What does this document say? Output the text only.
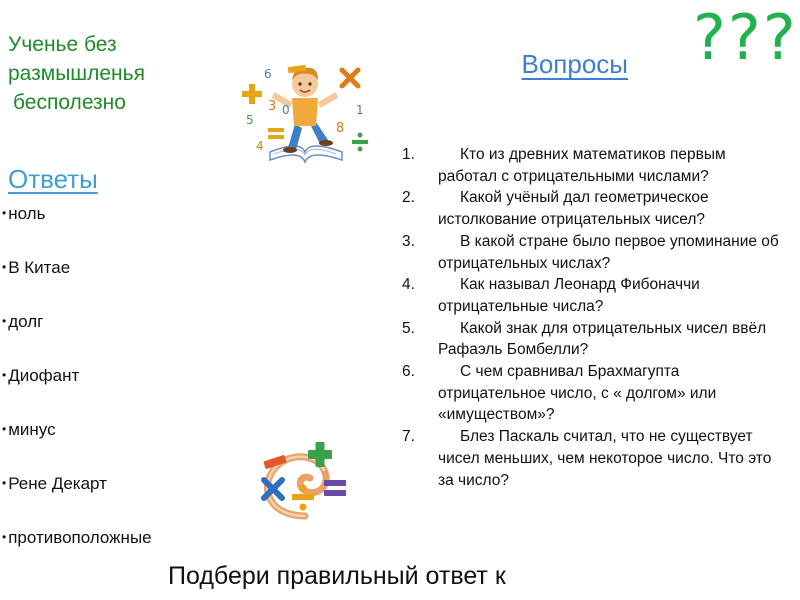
Ученье без
размышленья
бесполезно
???
Вопросы
6
3 0
5
4
1
8
Ответы
• ноль
• В Китае
• долг
• Диофант
• минус
• Рене Декарт
• противоположные
1.	Кто из древних математиков первым работал с отрицательными числами?
2.	Какой учёный дал геометрическое истолкование отрицательных чисел?
3.	В какой стране было первое упоминание об отрицательных числах?
4.	Как называл Леонард Фибоначчи отрицательные числа?
5.	Какой знак для отрицательных чисел ввёл Рафаэль Бомбелли?
6.	С чем сравнивал Брахмагупта отрицательное число, с « долгом» или «имуществом»?
7.	Блез Паскаль считал, что не существует чисел меньших, чем некоторое число. Что это за число?
Подбери правильный ответ к
